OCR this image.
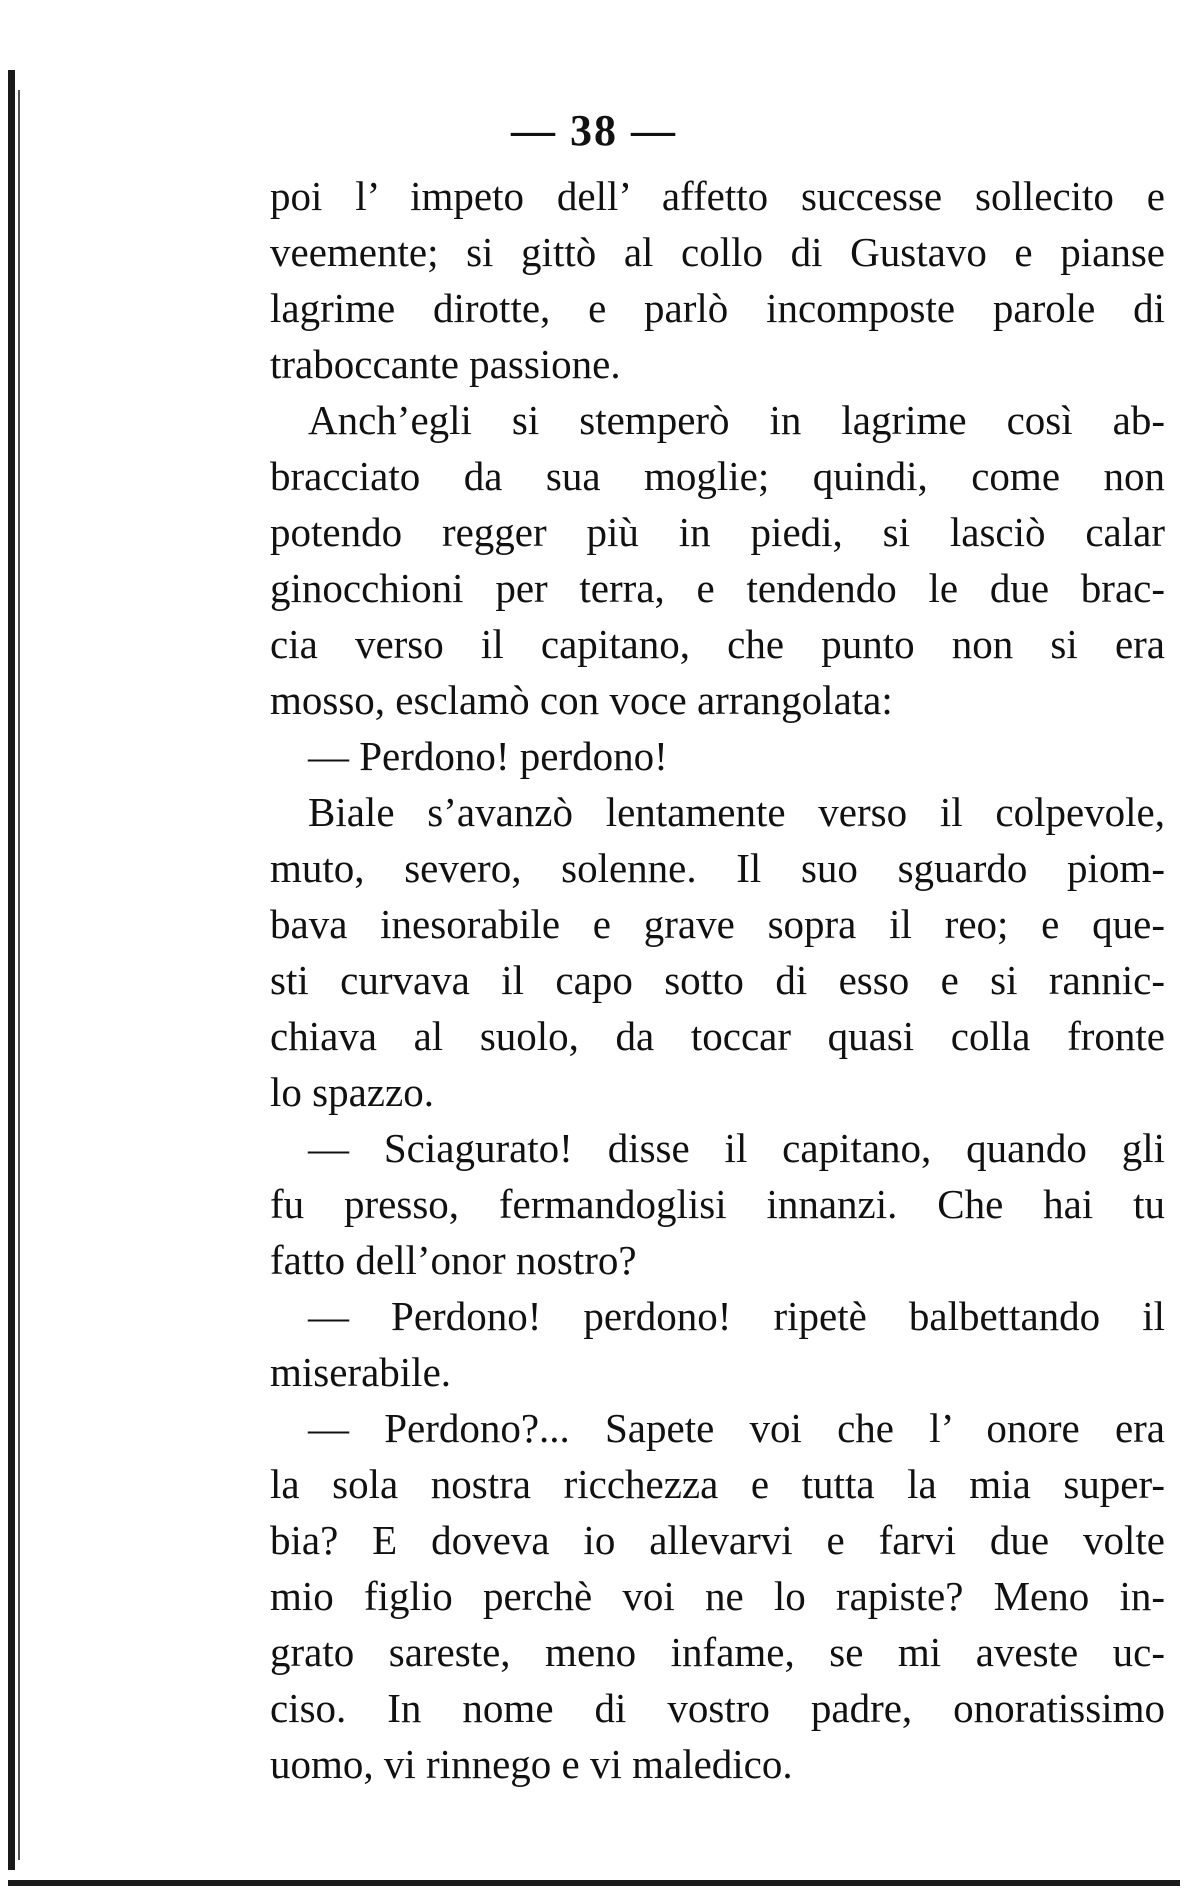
— 38 —
poi l’ impeto dell’ affetto successe sollecito e
veemente; si gittò al collo di Gustavo e pianse
lagrime dirotte, e parlò incomposte parole di
traboccante passione.
Anch’egli si stemperò in lagrime così ab-
bracciato da sua moglie; quindi, come non
potendo regger più in piedi, si lasciò calar
ginocchioni per terra, e tendendo le due brac-
cia verso il capitano, che punto non si era
mosso, esclamò con voce arrangolata:
— Perdono! perdono!
Biale s’avanzò lentamente verso il colpevole,
muto, severo, solenne. Il suo sguardo piom-
bava inesorabile e grave sopra il reo; e que-
sti curvava il capo sotto di esso e si rannic-
chiava al suolo, da toccar quasi colla fronte
lo spazzo.
— Sciagurato! disse il capitano, quando gli
fu presso, fermandoglisi innanzi. Che hai tu
fatto dell’onor nostro?
— Perdono! perdono! ripetè balbettando il
miserabile.
— Perdono?... Sapete voi che l’ onore era
la sola nostra ricchezza e tutta la mia super-
bia? E doveva io allevarvi e farvi due volte
mio figlio perchè voi ne lo rapiste? Meno in-
grato sareste, meno infame, se mi aveste uc-
ciso. In nome di vostro padre, onoratissimo
uomo, vi rinnego e vi maledico.
